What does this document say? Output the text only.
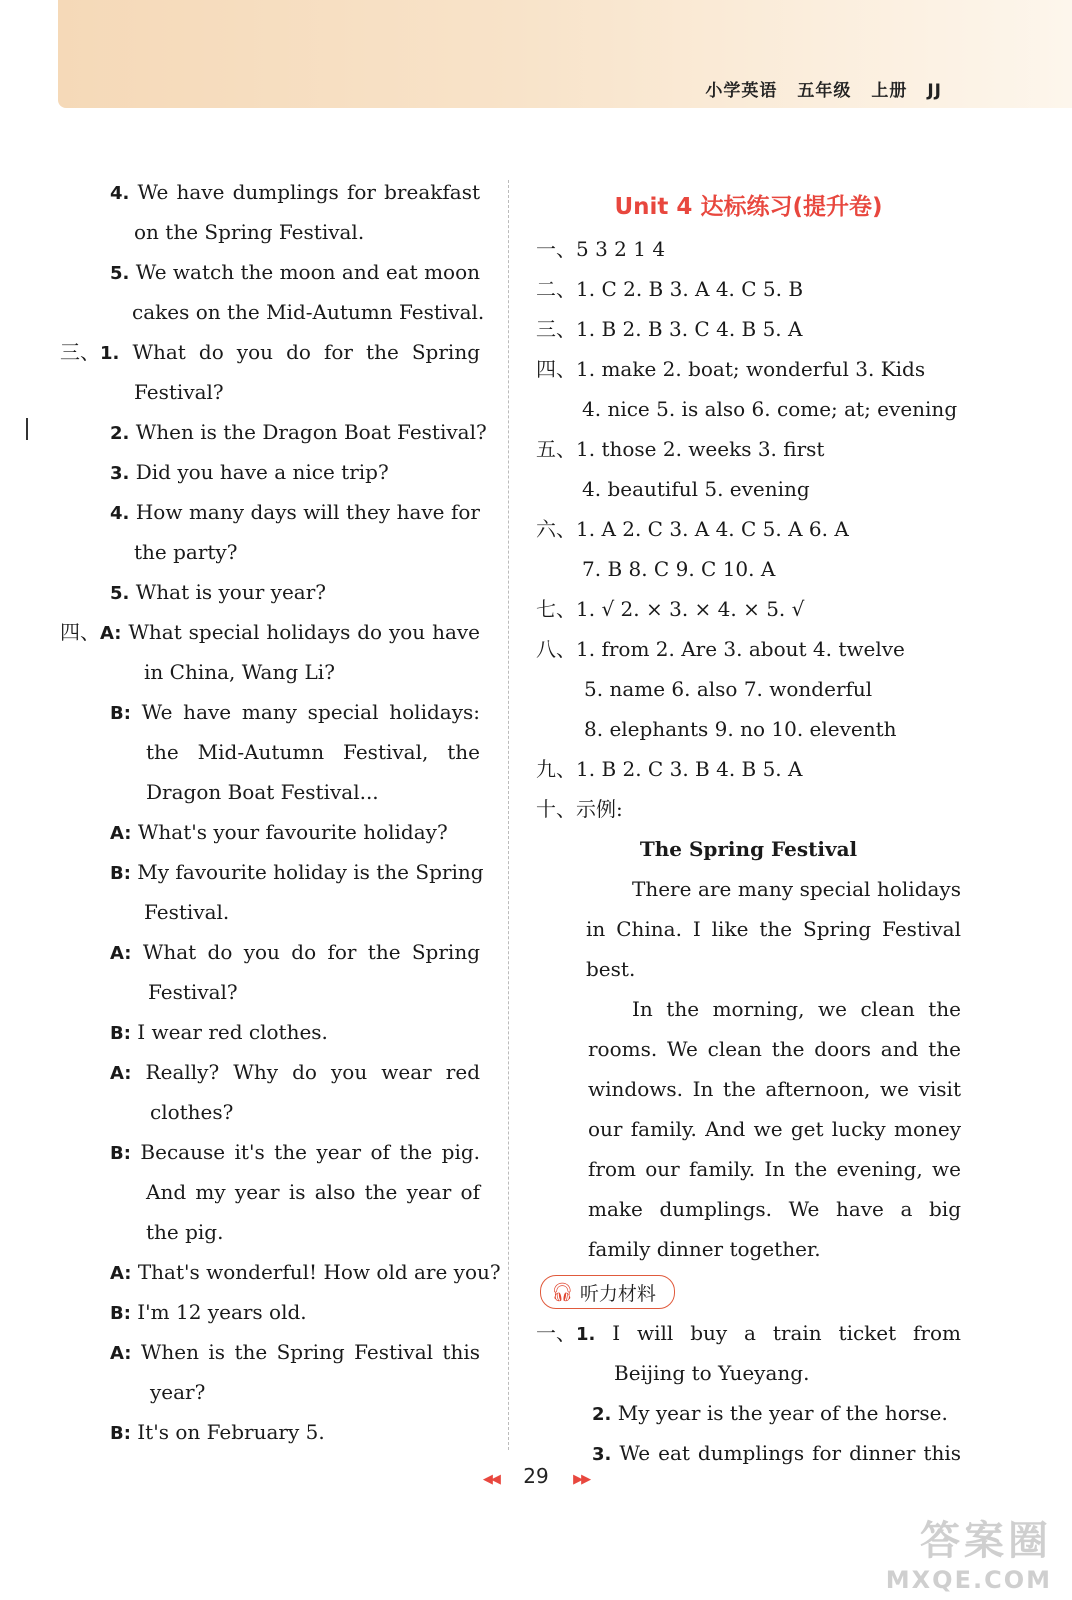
小学英语 五年级 上册 JJ
4. We have dumplings for breakfast
on the Spring Festival.
5. We watch the moon and eat moon
cakes on the Mid-Autumn Festival.
三、1. What do you do for the Spring
Festival?
2. When is the Dragon Boat Festival?
3. Did you have a nice trip?
4. How many days will they have for
the party?
5. What is your year?
四、A: What special holidays do you have
in China, Wang Li?
B: We have many special holidays:
the Mid-Autumn Festival, the
Dragon Boat Festival...
A: What's your favourite holiday?
B: My favourite holiday is the Spring
Festival.
A: What do you do for the Spring
Festival?
B: I wear red clothes.
A: Really? Why do you wear red
clothes?
B: Because it's the year of the pig.
And my year is also the year of
the pig.
A: That's wonderful! How old are you?
B: I'm 12 years old.
A: When is the Spring Festival this
year?
B: It's on February 5.
Unit 4 达标练习(提升卷)
一、5 3 2 1 4
二、1. C 2. B 3. A 4. C 5. B
三、1. B 2. B 3. C 4. B 5. A
四、1. make 2. boat; wonderful 3. Kids
4. nice 5. is also 6. come; at; evening
五、1. those 2. weeks 3. first
4. beautiful 5. evening
六、1. A 2. C 3. A 4. C 5. A 6. A
7. B 8. C 9. C 10. A
七、1. √ 2. × 3. × 4. × 5. √
八、1. from 2. Are 3. about 4. twelve
5. name 6. also 7. wonderful
8. elephants 9. no 10. eleventh
九、1. B 2. C 3. B 4. B 5. A
十、示例:
The Spring Festival
There are many special holidays
in China. I like the Spring Festival
best.
In the morning, we clean the
rooms. We clean the doors and the
windows. In the afternoon, we visit
our family. And we get lucky money
from our family. In the evening, we
make dumplings. We have a big
family dinner together.
🎧︎ 听力材料
一、1. I will buy a train ticket from
Beijing to Yueyang.
2. My year is the year of the horse.
3. We eat dumplings for dinner this
◀◀ 29 ▶▶
答案圈
MXQE.COM
